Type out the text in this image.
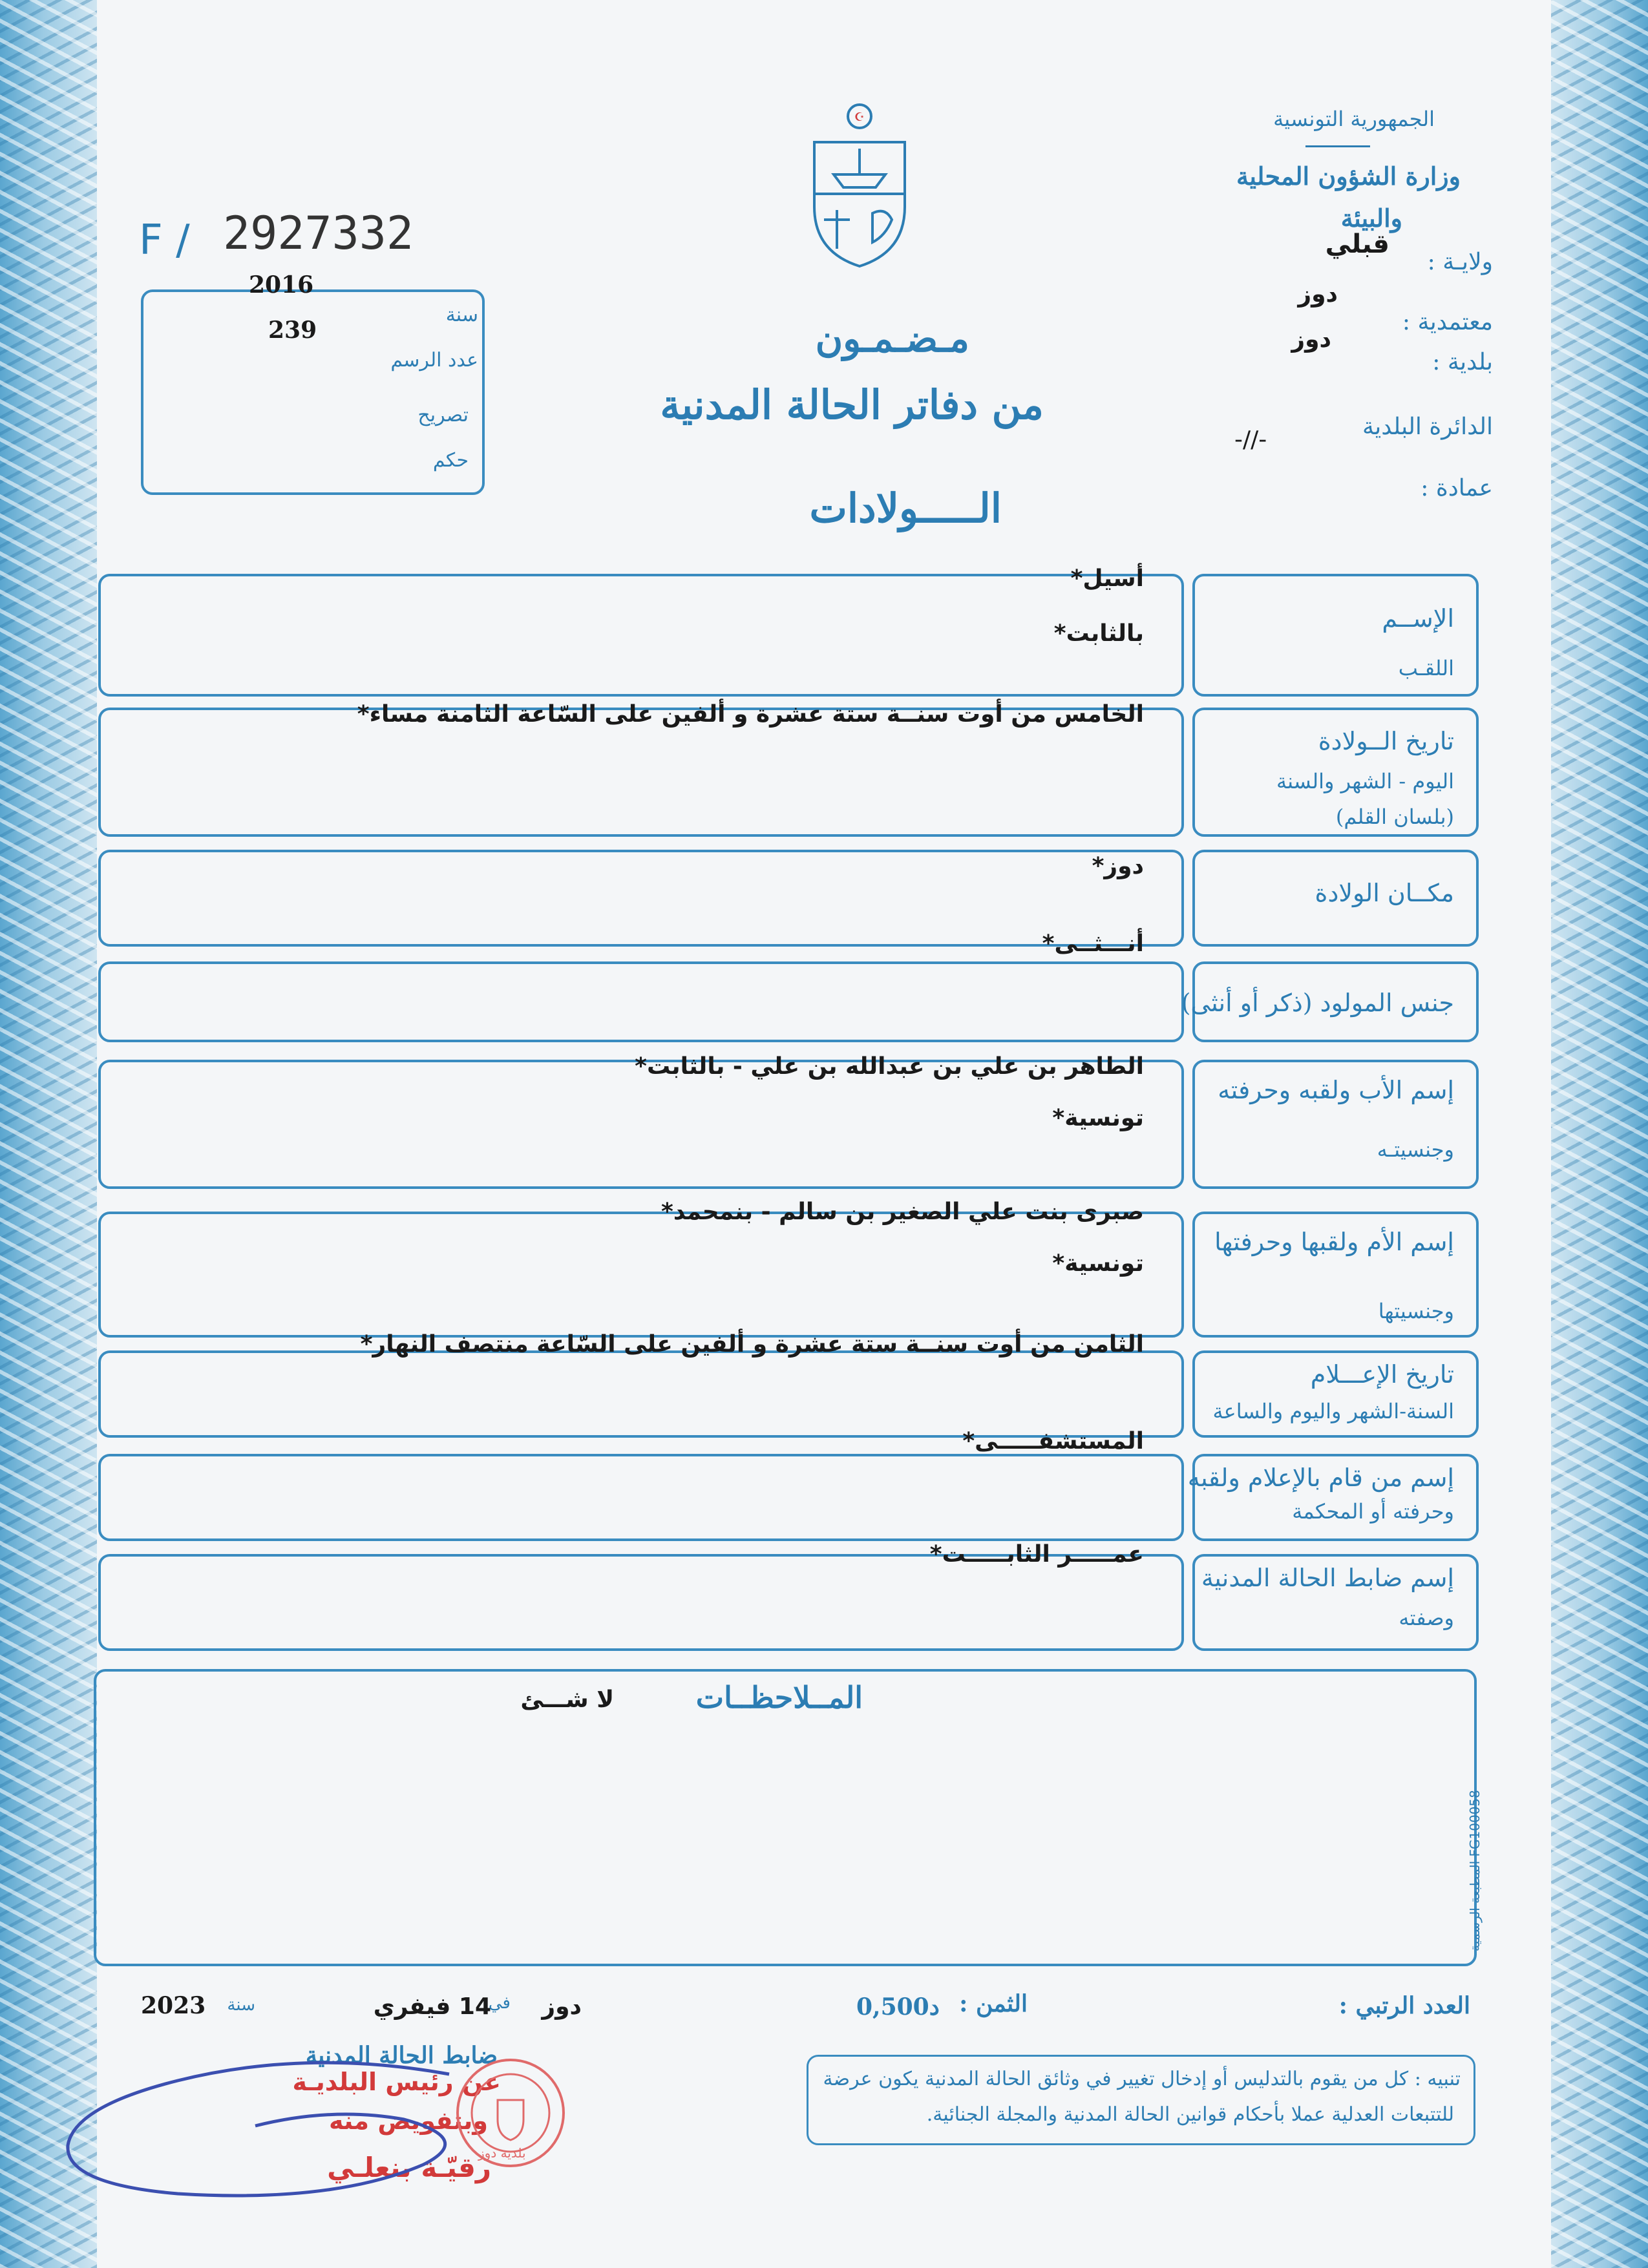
الجمهورية التونسية
وزارة الشؤون المحلية
والبيئة
ولايـة :
قبلي
دوز
معتمدية :
دوز
بلدية :
الدائرة البلدية
-//-
عمادة :
☪
F / 2927332
2016
سنة
239
عدد الرسم
تصريح
حكم
مـضـمـون
من دفاتر الحالة المدنية
الـــــولادات
الإســم
اللقـب
أسيل*
بالثابت*
تاريخ الــولادة
اليوم - الشهر والسنة
(بلسان القلم)
الخامس من أوت سنــة ستة عشرة و ألفين على السّاعة الثامنة مساء*
مكــان الولادة
دوز*
جنس المولود (ذكر أو أنثى)
أنـــثــى*
إسم الأب ولقبه وحرفته
وجنسيتـه
الطاهر بن علي بن عبدالله بن علي - بالثابت*
تونسية*
إسم الأم ولقبها وحرفتها
وجنسيتها
صبرى بنت علي الصغير بن سالم - بنمحمد*
تونسية*
تاريخ الإعـــلام
السنة-الشهر واليوم والساعة
الثامن من أوت سنــة ستة عشرة و ألفين على السّاعة منتصف النهار*
إسم من قام بالإعلام ولقبه
وحرفته أو المحكمة
المستشفـــــى*
إسم ضابط الحالة المدنية
وصفته
عمـــــر الثابـــــت*
المــلاحظــات
لا شـــئ
المطبعة الرسمية FG100058
العدد الرتبي :
الثمن :
0,500د
دوز
في
14 فيفري
سنة
2023
ضابط الحالة المدنية
عن رئيس البلديـة
وبتفويض منه
رقيّـة بنعلـي
بلدية دوز
تنبيه : كل من يقوم بالتدليس أو إدخال تغيير في وثائق الحالة المدنية يكون عرضة
للتتبعات العدلية عملا بأحكام قوانين الحالة المدنية والمجلة الجنائية.
